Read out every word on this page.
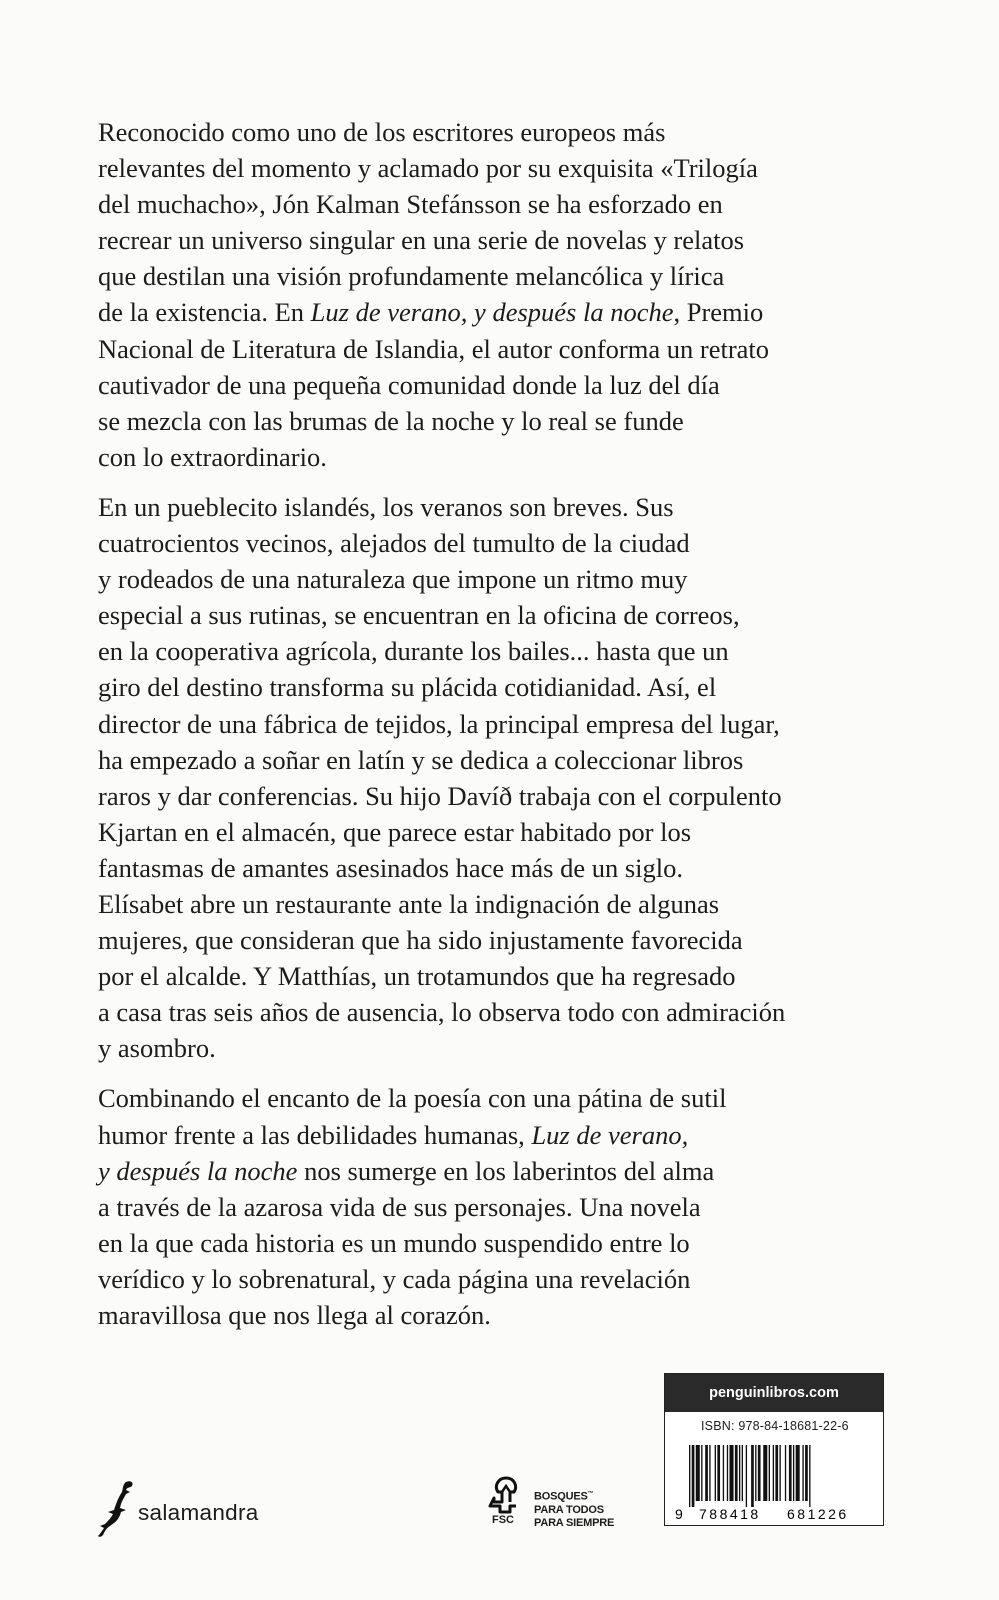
Reconocido como uno de los escritores europeos más
relevantes del momento y aclamado por su exquisita «Trilogía
del muchacho», Jón Kalman Stefánsson se ha esforzado en
recrear un universo singular en una serie de novelas y relatos
que destilan una visión profundamente melancólica y lírica
de la existencia. En Luz de verano, y después la noche, Premio
Nacional de Literatura de Islandia, el autor conforma un retrato
cautivador de una pequeña comunidad donde la luz del día
se mezcla con las brumas de la noche y lo real se funde
con lo extraordinario.

En un pueblecito islandés, los veranos son breves. Sus
cuatrocientos vecinos, alejados del tumulto de la ciudad
y rodeados de una naturaleza que impone un ritmo muy
especial a sus rutinas, se encuentran en la oficina de correos,
en la cooperativa agrícola, durante los bailes... hasta que un
giro del destino transforma su plácida cotidianidad. Así, el
director de una fábrica de tejidos, la principal empresa del lugar,
ha empezado a soñar en latín y se dedica a coleccionar libros
raros y dar conferencias. Su hijo Davíð trabaja con el corpulento
Kjartan en el almacén, que parece estar habitado por los
fantasmas de amantes asesinados hace más de un siglo.
Elísabet abre un restaurante ante la indignación de algunas
mujeres, que consideran que ha sido injustamente favorecida
por el alcalde. Y Matthías, un trotamundos que ha regresado
a casa tras seis años de ausencia, lo observa todo con admiración
y asombro.

Combinando el encanto de la poesía con una pátina de sutil
humor frente a las debilidades humanas, Luz de verano,
y después la noche nos sumerge en los laberintos del alma
a través de la azarosa vida de sus personajes. Una novela
en la que cada historia es un mundo suspendido entre lo
verídico y lo sobrenatural, y cada página una revelación
maravillosa que nos llega al corazón.

penguinlibros.com
ISBN: 978-84-18681-22-6
9 788418 681226
salamandra	FSC
BOSQUES™
PARA TODOS
PARA SIEMPRE
